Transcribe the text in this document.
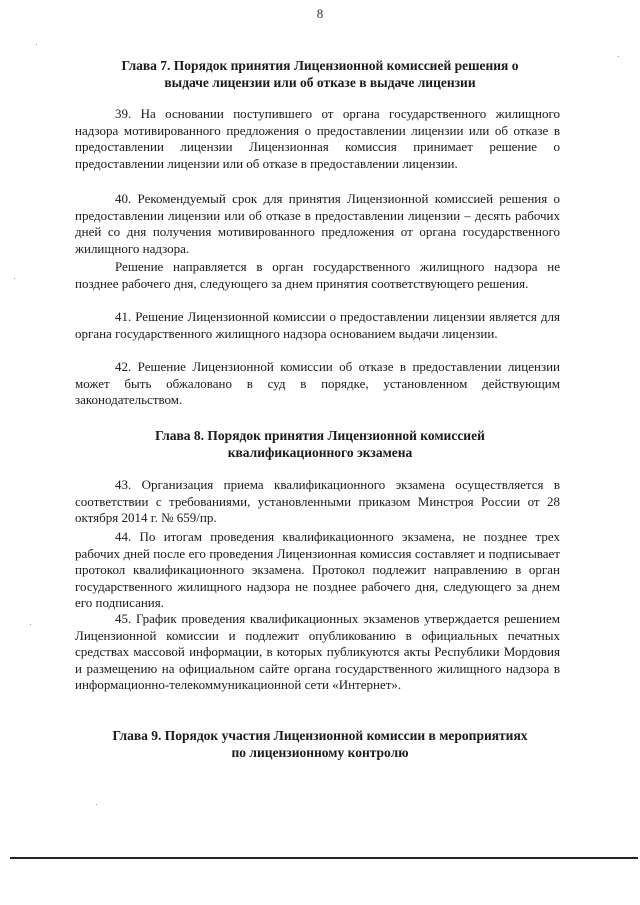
8
Глава 7. Порядок принятия Лицензионной комиссией решения о
выдаче лицензии или об отказе в выдаче лицензии
39. На основании поступившего от органа государственного жилищного надзора мотивированного предложения о предоставлении лицензии или об отказе в предоставлении лицензии Лицензионная комиссия принимает решение о предоставлении лицензии или об отказе в предоставлении лицензии.
40. Рекомендуемый срок для принятия Лицензионной комиссией решения о предоставлении лицензии или об отказе в предоставлении лицензии – десять рабочих дней со дня получения мотивированного предложения от органа государственного жилищного надзора.
Решение направляется в орган государственного жилищного надзора не позднее рабочего дня, следующего за днем принятия соответствующего решения.
41. Решение Лицензионной комиссии о предоставлении лицензии является для органа государственного жилищного надзора основанием выдачи лицензии.
42. Решение Лицензионной комиссии об отказе в предоставлении лицензии может быть обжаловано в суд в порядке, установленном действующим законодательством.
Глава 8. Порядок принятия Лицензионной комиссией
квалификационного экзамена
43. Организация приема квалификационного экзамена осуществляется в соответствии с требованиями, установленными приказом Минстроя России от 28 октября 2014 г. № 659/пр.
44. По итогам проведения квалификационного экзамена, не позднее трех рабочих дней после его проведения Лицензионная комиссия составляет и подписывает протокол квалификационного экзамена. Протокол подлежит направлению в орган государственного жилищного надзора не позднее рабочего дня, следующего за днем его подписания.
45. График проведения квалификационных экзаменов утверждается решением Лицензионной комиссии и подлежит опубликованию в официальных печатных средствах массовой информации, в которых публикуются акты Республики Мордовия и размещению на официальном сайте органа государственного жилищного надзора в информационно-телекоммуникационной сети «Интернет».
Глава 9. Порядок участия Лицензионной комиссии в мероприятиях
по лицензионному контролю
